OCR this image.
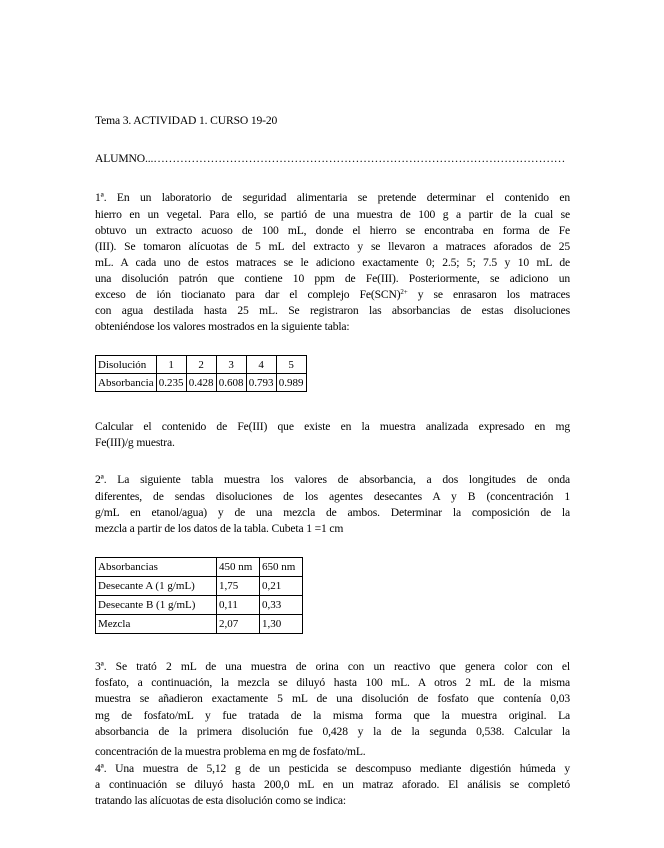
Tema 3. ACTIVIDAD 1. CURSO 19-20
ALUMNO...………………………………………………………………………………………………
1ª. En un laboratorio de seguridad alimentaria se pretende determinar el contenido en
hierro en un vegetal. Para ello, se partió de una muestra de 100 g a partir de la cual se
obtuvo un extracto acuoso de 100 mL, donde el hierro se encontraba en forma de Fe
(III). Se tomaron alícuotas de 5 mL del extracto y se llevaron a matraces aforados de 25
mL. A cada uno de estos matraces se le adiciono exactamente 0; 2.5; 5; 7.5 y 10 mL de
una disolución patrón que contiene 10 ppm de Fe(III). Posteriormente, se adiciono un
exceso de ión tiocianato para dar el complejo Fe(SCN)$^{2+}$ y se enrasaron los matraces
con agua destilada hasta 25 mL. Se registraron las absorbancias de estas disoluciones
obteniéndose los valores mostrados en la siguiente tabla:
Disolución	1	2	3	4	5
Absorbancia	0.235	0.428	0.608	0.793	0.989
Calcular el contenido de Fe(III) que existe en la muestra analizada expresado en mg
Fe(III)/g muestra.
2ª. La siguiente tabla muestra los valores de absorbancia, a dos longitudes de onda
diferentes, de sendas disoluciones de los agentes desecantes A y B (concentración 1
g/mL en etanol/agua) y de una mezcla de ambos. Determinar la composición de la
mezcla a partir de los datos de la tabla. Cubeta 1 =1 cm
Absorbancias	450 nm	650 nm
Desecante A (1 g/mL)	1,75	0,21
Desecante B (1 g/mL)	0,11	0,33
Mezcla	2,07	1,30
3ª. Se trató 2 mL de una muestra de orina con un reactivo que genera color con el
fosfato, a continuación, la mezcla se diluyó hasta 100 mL. A otros 2 mL de la misma
muestra se añadieron exactamente 5 mL de una disolución de fosfato que contenía 0,03
mg de fosfato/mL y fue tratada de la misma forma que la muestra original. La
absorbancia de la primera disolución fue 0,428 y la de la segunda 0,538. Calcular la
concentración de la muestra problema en mg de fosfato/mL.
4ª. Una muestra de 5,12 g de un pesticida se descompuso mediante digestión húmeda y
a continuación se diluyó hasta 200,0 mL en un matraz aforado. El análisis se completó
tratando las alícuotas de esta disolución como se indica:
